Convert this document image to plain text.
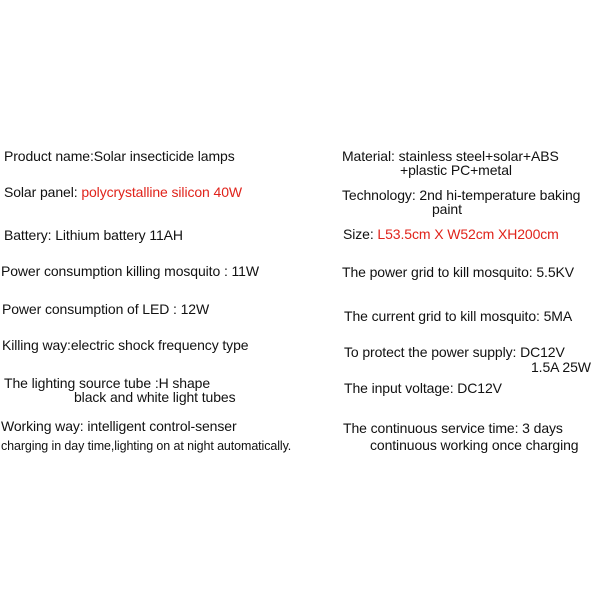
Product name:Solar insecticide lamps
Solar panel: polycrystalline silicon 40W
Battery: Lithium battery 11AH
Power consumption killing mosquito : 11W
Power consumption of LED : 12W
Killing way:electric shock frequency type
The lighting source tube :H shape
black and white light tubes
Working way: intelligent control-senser
charging in day time,lighting on at night automatically.
Material: stainless steel+solar+ABS
+plastic PC+metal
Technology: 2nd hi-temperature baking
paint
Size: L53.5cm X W52cm XH200cm
The power grid to kill mosquito: 5.5KV
The current grid to kill mosquito: 5MA
To protect the power supply: DC12V
1.5A 25W
The input voltage: DC12V
The continuous service time: 3 days
continuous working once charging
